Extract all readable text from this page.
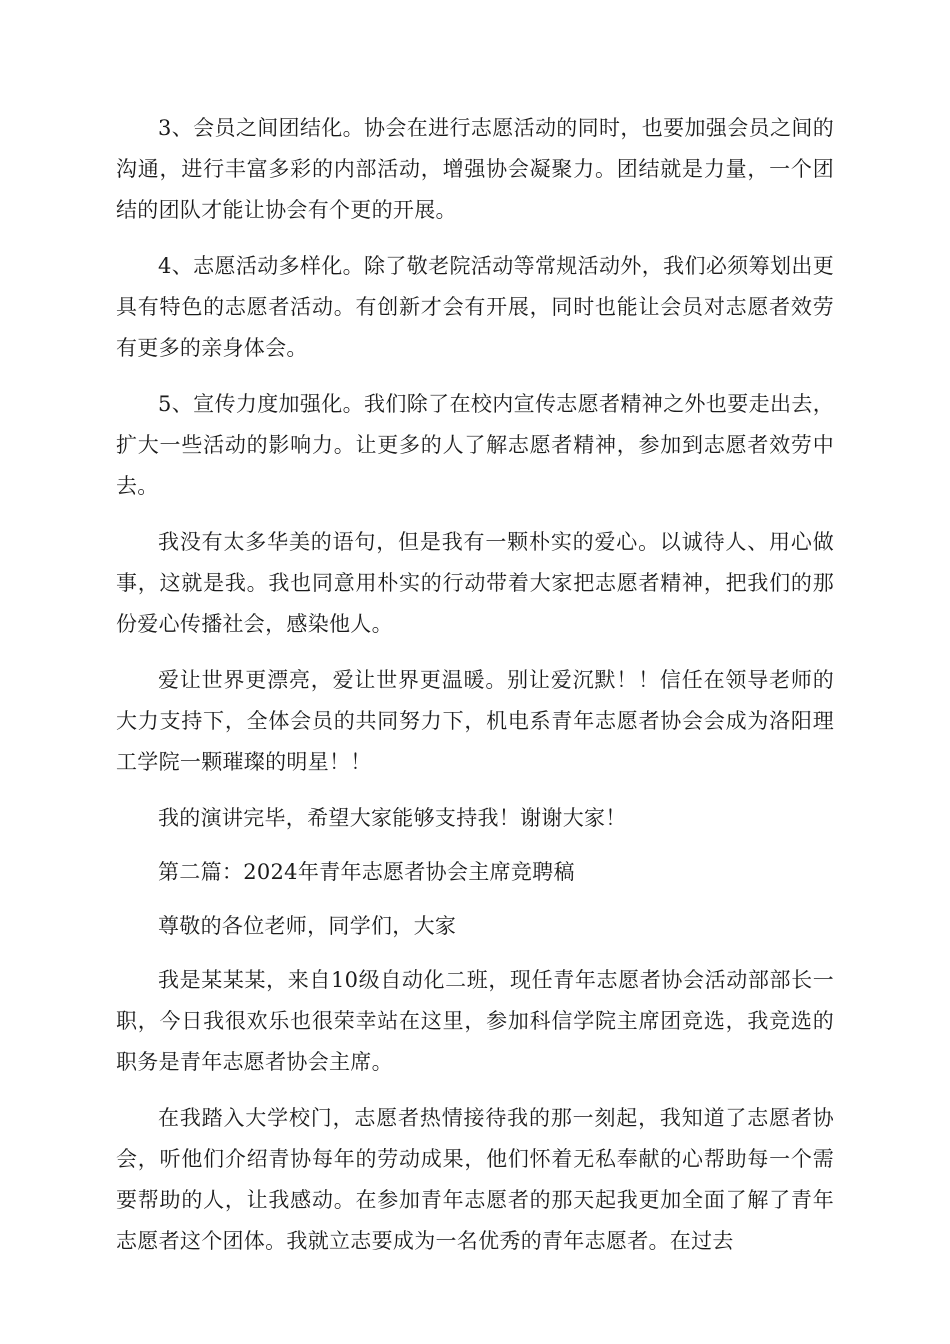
3、会员之间团结化。协会在进行志愿活动的同时，也要加强会员之间的沟通，进行丰富多彩的内部活动，增强协会凝聚力。团结就是力量，一个团结的团队才能让协会有个更的开展。

4、志愿活动多样化。除了敬老院活动等常规活动外，我们必须筹划出更具有特色的志愿者活动。有创新才会有开展，同时也能让会员对志愿者效劳有更多的亲身体会。

5、宣传力度加强化。我们除了在校内宣传志愿者精神之外也要走出去，扩大一些活动的影响力。让更多的人了解志愿者精神，参加到志愿者效劳中去。

我没有太多华美的语句，但是我有一颗朴实的爱心。以诚待人、用心做事，这就是我。我也同意用朴实的行动带着大家把志愿者精神，把我们的那份爱心传播社会，感染他人。

爱让世界更漂亮，爱让世界更温暖。别让爱沉默！！信任在领导老师的大力支持下，全体会员的共同努力下，机电系青年志愿者协会会成为洛阳理工学院一颗璀璨的明星！！

我的演讲完毕，希望大家能够支持我！谢谢大家！

第二篇：2024年青年志愿者协会主席竞聘稿

尊敬的各位老师，同学们，大家

我是某某某，来自10级自动化二班，现任青年志愿者协会活动部部长一职，今日我很欢乐也很荣幸站在这里，参加科信学院主席团竞选，我竞选的职务是青年志愿者协会主席。

在我踏入大学校门，志愿者热情接待我的那一刻起，我知道了志愿者协会，听他们介绍青协每年的劳动成果，他们怀着无私奉献的心帮助每一个需要帮助的人，让我感动。在参加青年志愿者的那天起我更加全面了解了青年志愿者这个团体。我就立志要成为一名优秀的青年志愿者。在过去
